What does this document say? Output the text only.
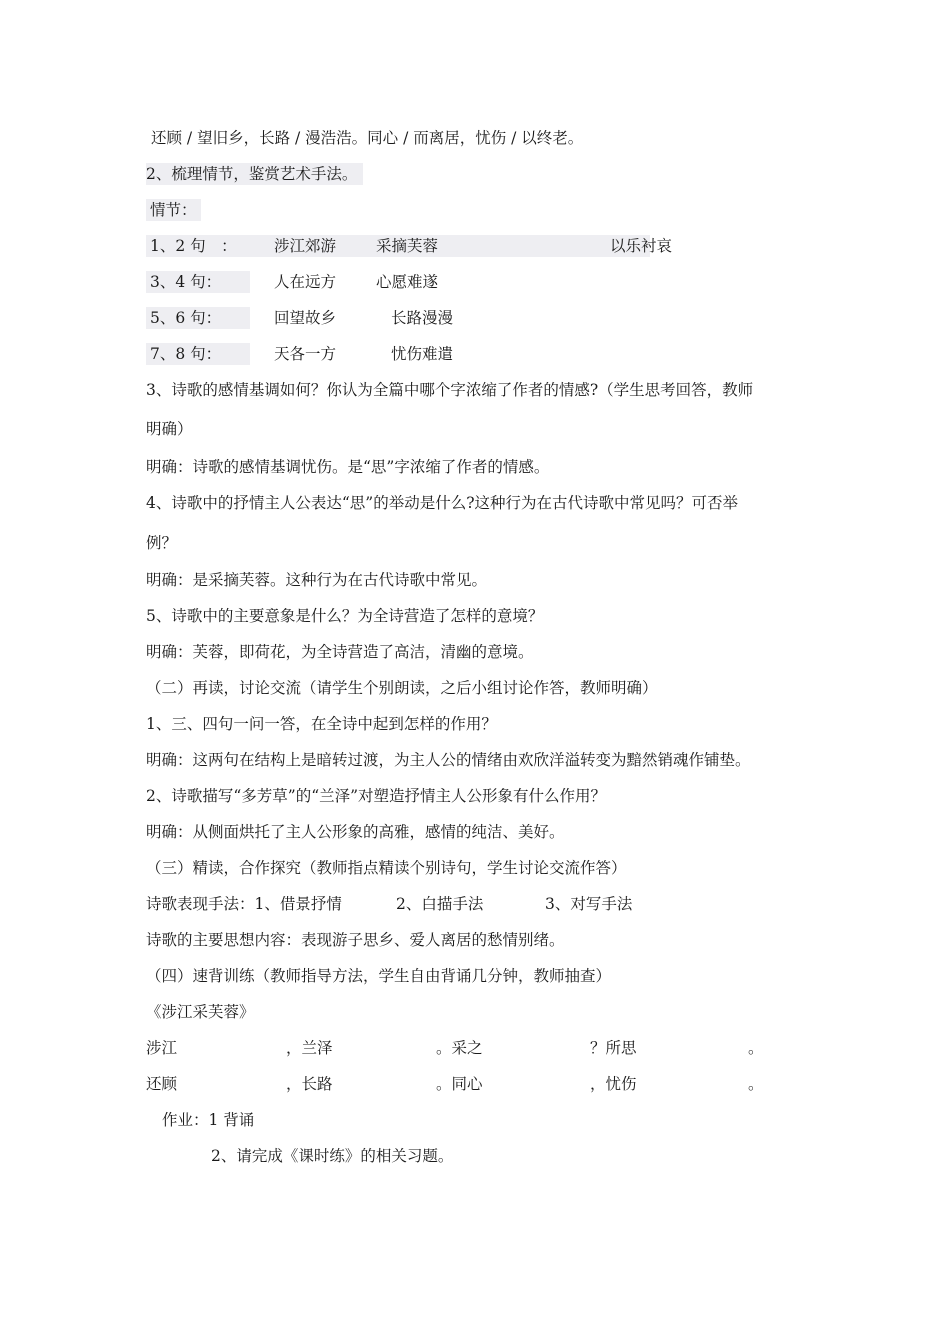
还顾 / 望旧乡，长路 / 漫浩浩。同心 / 而离居，忧伤 / 以终老。
2、梳理情节，鉴赏艺术手法。
情节：
1、2 句　：	涉江郊游	采摘芙蓉	以乐衬哀
3、4 句：	人在远方	心愿难遂
5、6 句：	回望故乡	长路漫漫
7、8 句：	天各一方	忧伤难遣
3、诗歌的感情基调如何？你认为全篇中哪个字浓缩了作者的情感?（学生思考回答，教师
明确）
明确：诗歌的感情基调忧伤。是“思”字浓缩了作者的情感。
4、诗歌中的抒情主人公表达“思”的举动是什么?这种行为在古代诗歌中常见吗？可否举
例？
明确：是采摘芙蓉。这种行为在古代诗歌中常见。
5、诗歌中的主要意象是什么？为全诗营造了怎样的意境？
明确：芙蓉，即荷花，为全诗营造了高洁，清幽的意境。
（二）再读，讨论交流（请学生个别朗读，之后小组讨论作答，教师明确）
1、三、四句一问一答，在全诗中起到怎样的作用？
明确：这两句在结构上是暗转过渡，为主人公的情绪由欢欣洋溢转变为黯然销魂作铺垫。
2、诗歌描写“多芳草”的“兰泽”对塑造抒情主人公形象有什么作用？
明确：从侧面烘托了主人公形象的高雅，感情的纯洁、美好。
（三）精读，合作探究（教师指点精读个别诗句，学生讨论交流作答）
诗歌表现手法：1、借景抒情	2、白描手法	3、对写手法
诗歌的主要思想内容：表现游子思乡、爱人离居的愁情别绪。
（四）速背训练（教师指导方法，学生自由背诵几分钟，教师抽查）
《涉江采芙蓉》
涉江	，兰泽	。采之	？所思	。
还顾	，长路	。同心	，忧伤	。
作业：1 背诵
2、请完成《课时练》的相关习题。
